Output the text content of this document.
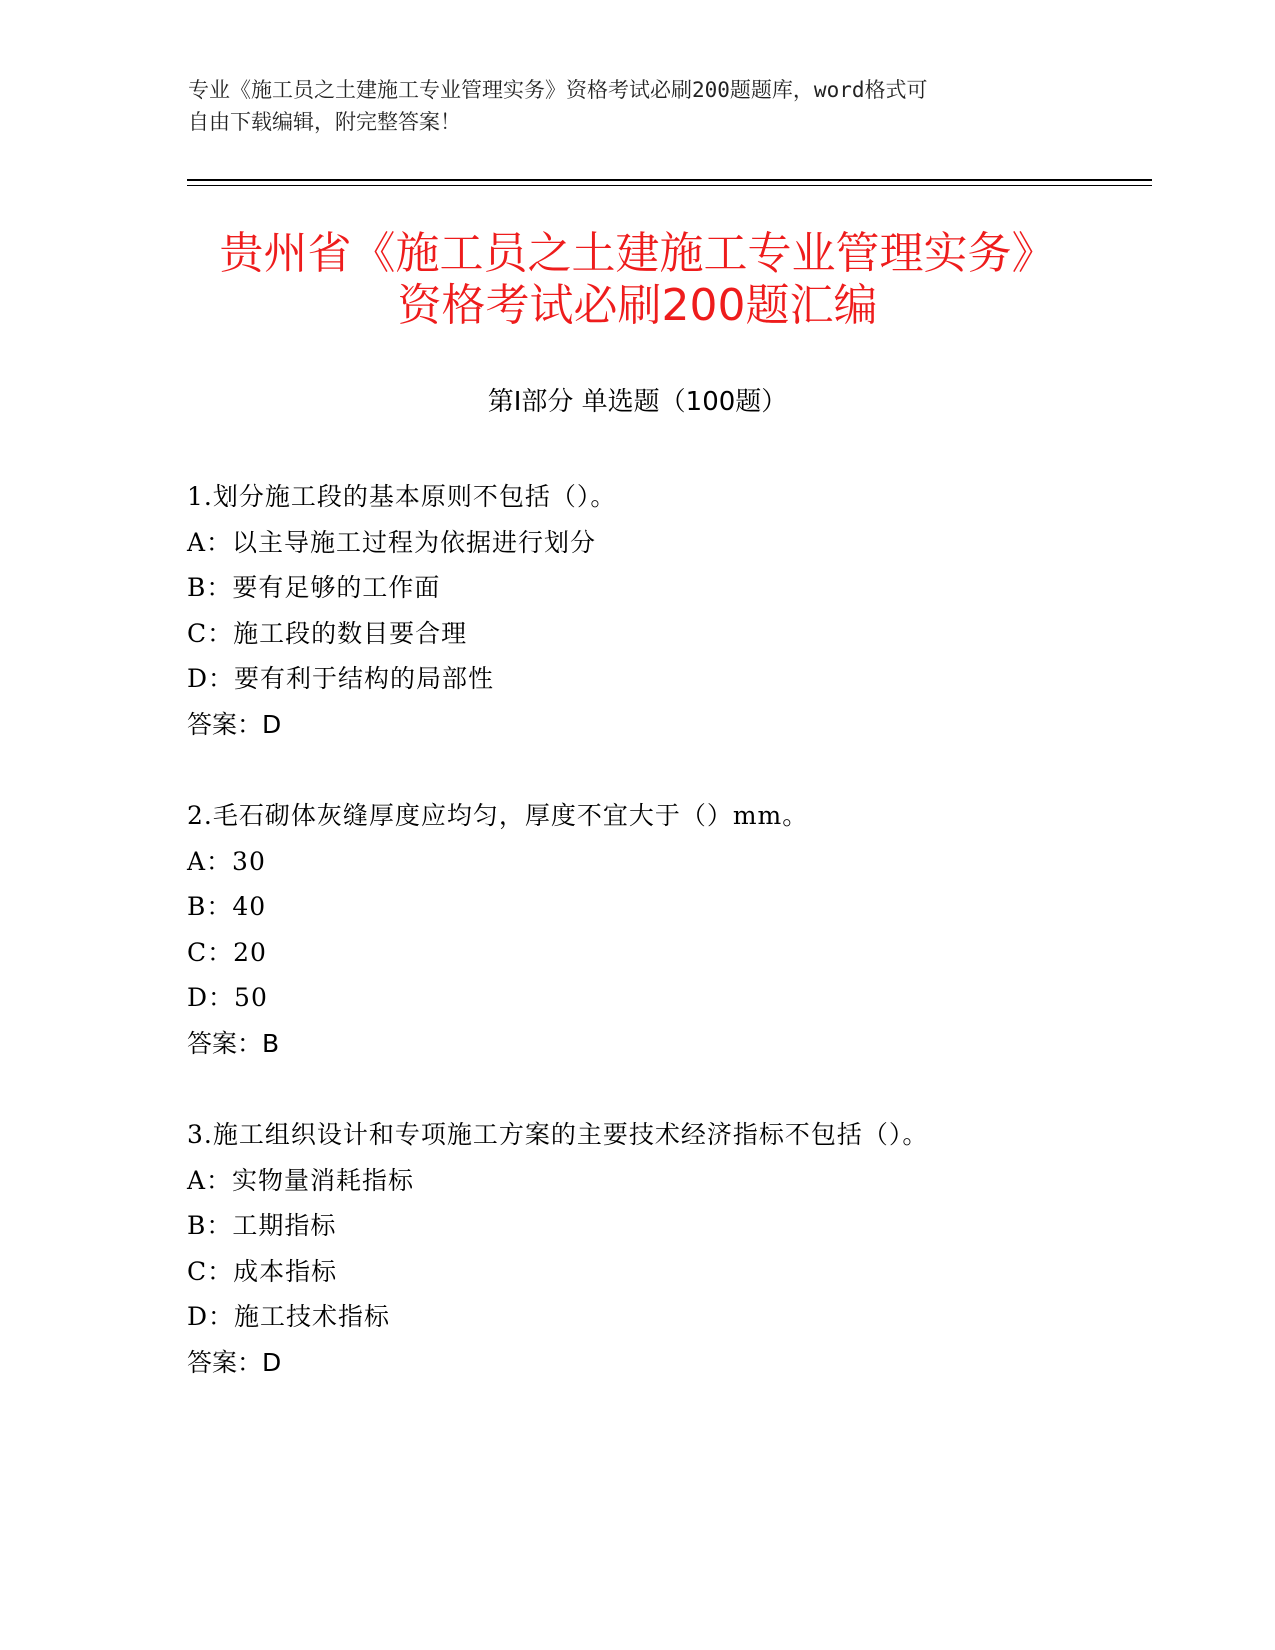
专业《施工员之土建施工专业管理实务》资格考试必刷200题题库，word格式可
自由下载编辑，附完整答案！
贵州省《施工员之土建施工专业管理实务》
资格考试必刷200题汇编
第Ⅰ部分 单选题（100题）
1.划分施工段的基本原则不包括（）。
A：以主导施工过程为依据进行划分
B：要有足够的工作面
C：施工段的数目要合理
D：要有利于结构的局部性
答案：D
2.毛石砌体灰缝厚度应均匀，厚度不宜大于（）mm。
A：30
B：40
C：20
D：50
答案：B
3.施工组织设计和专项施工方案的主要技术经济指标不包括（）。
A：实物量消耗指标
B：工期指标
C：成本指标
D：施工技术指标
答案：D
